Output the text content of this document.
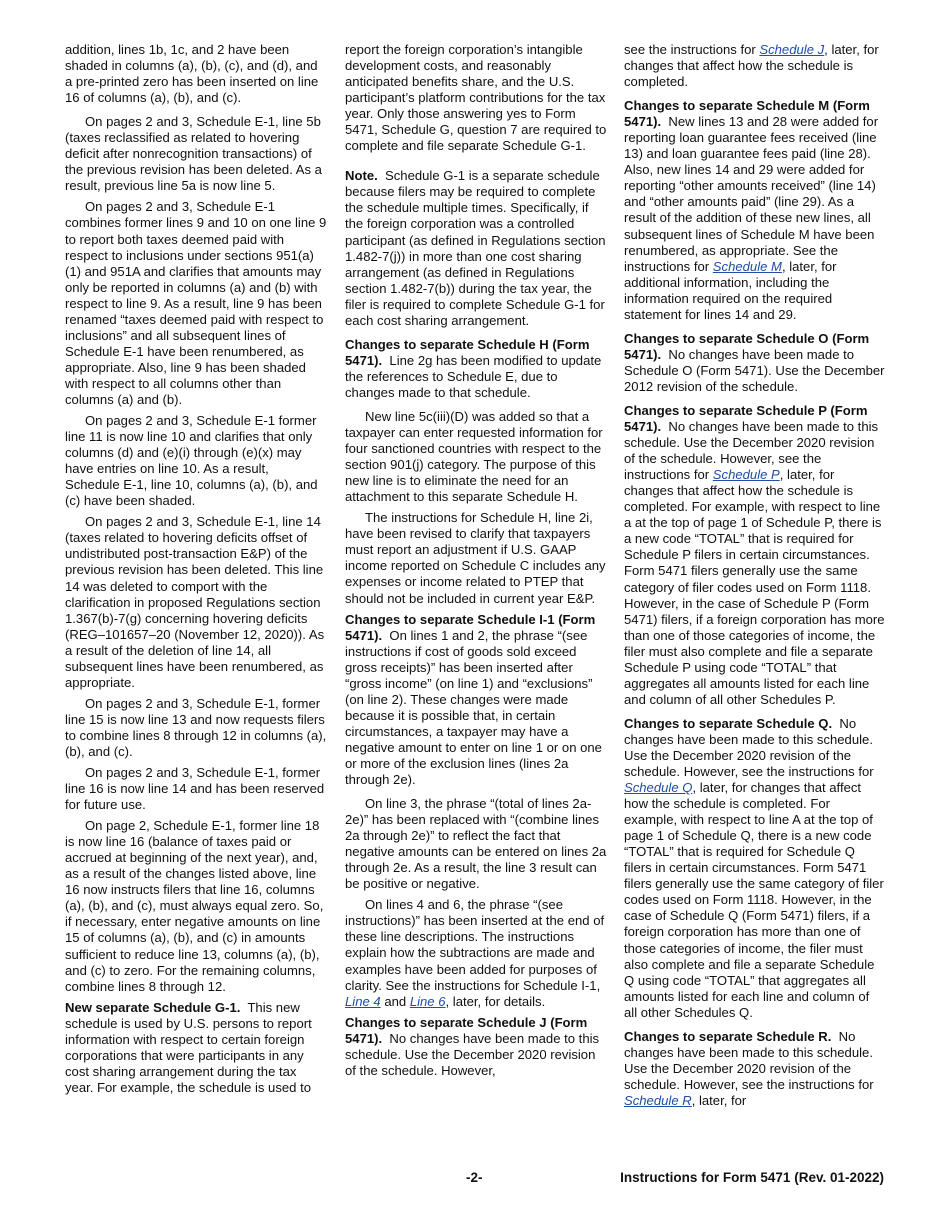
addition, lines 1b, 1c, and 2 have been shaded in columns (a), (b), (c), and (d), and a pre-printed zero has been inserted on line 16 of columns (a), (b), and (c).

On pages 2 and 3, Schedule E-1, line 5b (taxes reclassified as related to hovering deficit after nonrecognition transactions) of the previous revision has been deleted. As a result, previous line 5a is now line 5.

On pages 2 and 3, Schedule E-1 combines former lines 9 and 10 on one line 9 to report both taxes deemed paid with respect to inclusions under sections 951(a)(1) and 951A and clarifies that amounts may only be reported in columns (a) and (b) with respect to line 9. As a result, line 9 has been renamed “taxes deemed paid with respect to inclusions” and all subsequent lines of Schedule E-1 have been renumbered, as appropriate. Also, line 9 has been shaded with respect to all columns other than columns (a) and (b).

On pages 2 and 3, Schedule E-1 former line 11 is now line 10 and clarifies that only columns (d) and (e)(i) through (e)(x) may have entries on line 10. As a result, Schedule E-1, line 10, columns (a), (b), and (c) have been shaded.

On pages 2 and 3, Schedule E-1, line 14 (taxes related to hovering deficits offset of undistributed post-transaction E&P) of the previous revision has been deleted. This line 14 was deleted to comport with the clarification in proposed Regulations section 1.367(b)-7(g) concerning hovering deficits (REG–101657–20 (November 12, 2020)). As a result of the deletion of line 14, all subsequent lines have been renumbered, as appropriate.

On pages 2 and 3, Schedule E-1, former line 15 is now line 13 and now requests filers to combine lines 8 through 12 in columns (a), (b), and (c).

On pages 2 and 3, Schedule E-1, former line 16 is now line 14 and has been reserved for future use.

On page 2, Schedule E-1, former line 18 is now line 16 (balance of taxes paid or accrued at beginning of the next year), and, as a result of the changes listed above, line 16 now instructs filers that line 16, columns (a), (b), and (c), must always equal zero. So, if necessary, enter negative amounts on line 15 of columns (a), (b), and (c) in amounts sufficient to reduce line 13, columns (a), (b), and (c) to zero. For the remaining columns, combine lines 8 through 12.

New separate Schedule G-1. This new schedule is used by U.S. persons to report information with respect to certain foreign corporations that were participants in any cost sharing arrangement during the tax year. For example, the schedule is used to

report the foreign corporation’s intangible development costs, and reasonably anticipated benefits share, and the U.S. participant’s platform contributions for the tax year. Only those answering yes to Form 5471, Schedule G, question 7 are required to complete and file separate Schedule G-1.

Note. Schedule G-1 is a separate schedule because filers may be required to complete the schedule multiple times. Specifically, if the foreign corporation was a controlled participant (as defined in Regulations section 1.482-7(j)) in more than one cost sharing arrangement (as defined in Regulations section 1.482-7(b)) during the tax year, the filer is required to complete Schedule G-1 for each cost sharing arrangement.

Changes to separate Schedule H (Form 5471). Line 2g has been modified to update the references to Schedule E, due to changes made to that schedule.

New line 5c(iii)(D) was added so that a taxpayer can enter requested information for four sanctioned countries with respect to the section 901(j) category. The purpose of this new line is to eliminate the need for an attachment to this separate Schedule H.

The instructions for Schedule H, line 2i, have been revised to clarify that taxpayers must report an adjustment if U.S. GAAP income reported on Schedule C includes any expenses or income related to PTEP that should not be included in current year E&P.

Changes to separate Schedule I-1 (Form 5471). On lines 1 and 2, the phrase “(see instructions if cost of goods sold exceed gross receipts)” has been inserted after “gross income” (on line 1) and “exclusions” (on line 2). These changes were made because it is possible that, in certain circumstances, a taxpayer may have a negative amount to enter on line 1 or on one or more of the exclusion lines (lines 2a through 2e).

On line 3, the phrase “(total of lines 2a-2e)” has been replaced with “(combine lines 2a through 2e)” to reflect the fact that negative amounts can be entered on lines 2a through 2e. As a result, the line 3 result can be positive or negative.

On lines 4 and 6, the phrase “(see instructions)” has been inserted at the end of these line descriptions. The instructions explain how the subtractions are made and examples have been added for purposes of clarity. See the instructions for Schedule I-1, Line 4 and Line 6, later, for details.

Changes to separate Schedule J (Form 5471). No changes have been made to this schedule. Use the December 2020 revision of the schedule. However,

see the instructions for Schedule J, later, for changes that affect how the schedule is completed.

Changes to separate Schedule M (Form 5471). New lines 13 and 28 were added for reporting loan guarantee fees received (line 13) and loan guarantee fees paid (line 28). Also, new lines 14 and 29 were added for reporting “other amounts received” (line 14) and “other amounts paid” (line 29). As a result of the addition of these new lines, all subsequent lines of Schedule M have been renumbered, as appropriate. See the instructions for Schedule M, later, for additional information, including the information required on the required statement for lines 14 and 29.

Changes to separate Schedule O (Form 5471). No changes have been made to Schedule O (Form 5471). Use the December 2012 revision of the schedule.

Changes to separate Schedule P (Form 5471). No changes have been made to this schedule. Use the December 2020 revision of the schedule. However, see the instructions for Schedule P, later, for changes that affect how the schedule is completed. For example, with respect to line a at the top of page 1 of Schedule P, there is a new code “TOTAL” that is required for Schedule P filers in certain circumstances. Form 5471 filers generally use the same category of filer codes used on Form 1118. However, in the case of Schedule P (Form 5471) filers, if a foreign corporation has more than one of those categories of income, the filer must also complete and file a separate Schedule P using code “TOTAL” that aggregates all amounts listed for each line and column of all other Schedules P.

Changes to separate Schedule Q. No changes have been made to this schedule. Use the December 2020 revision of the schedule. However, see the instructions for Schedule Q, later, for changes that affect how the schedule is completed. For example, with respect to line A at the top of page 1 of Schedule Q, there is a new code “TOTAL” that is required for Schedule Q filers in certain circumstances. Form 5471 filers generally use the same category of filer codes used on Form 1118. However, in the case of Schedule Q (Form 5471) filers, if a foreign corporation has more than one of those categories of income, the filer must also complete and file a separate Schedule Q using code “TOTAL” that aggregates all amounts listed for each line and column of all other Schedules Q.

Changes to separate Schedule R. No changes have been made to this schedule. Use the December 2020 revision of the schedule. However, see the instructions for Schedule R, later, for

-2-	Instructions for Form 5471 (Rev. 01-2022)
